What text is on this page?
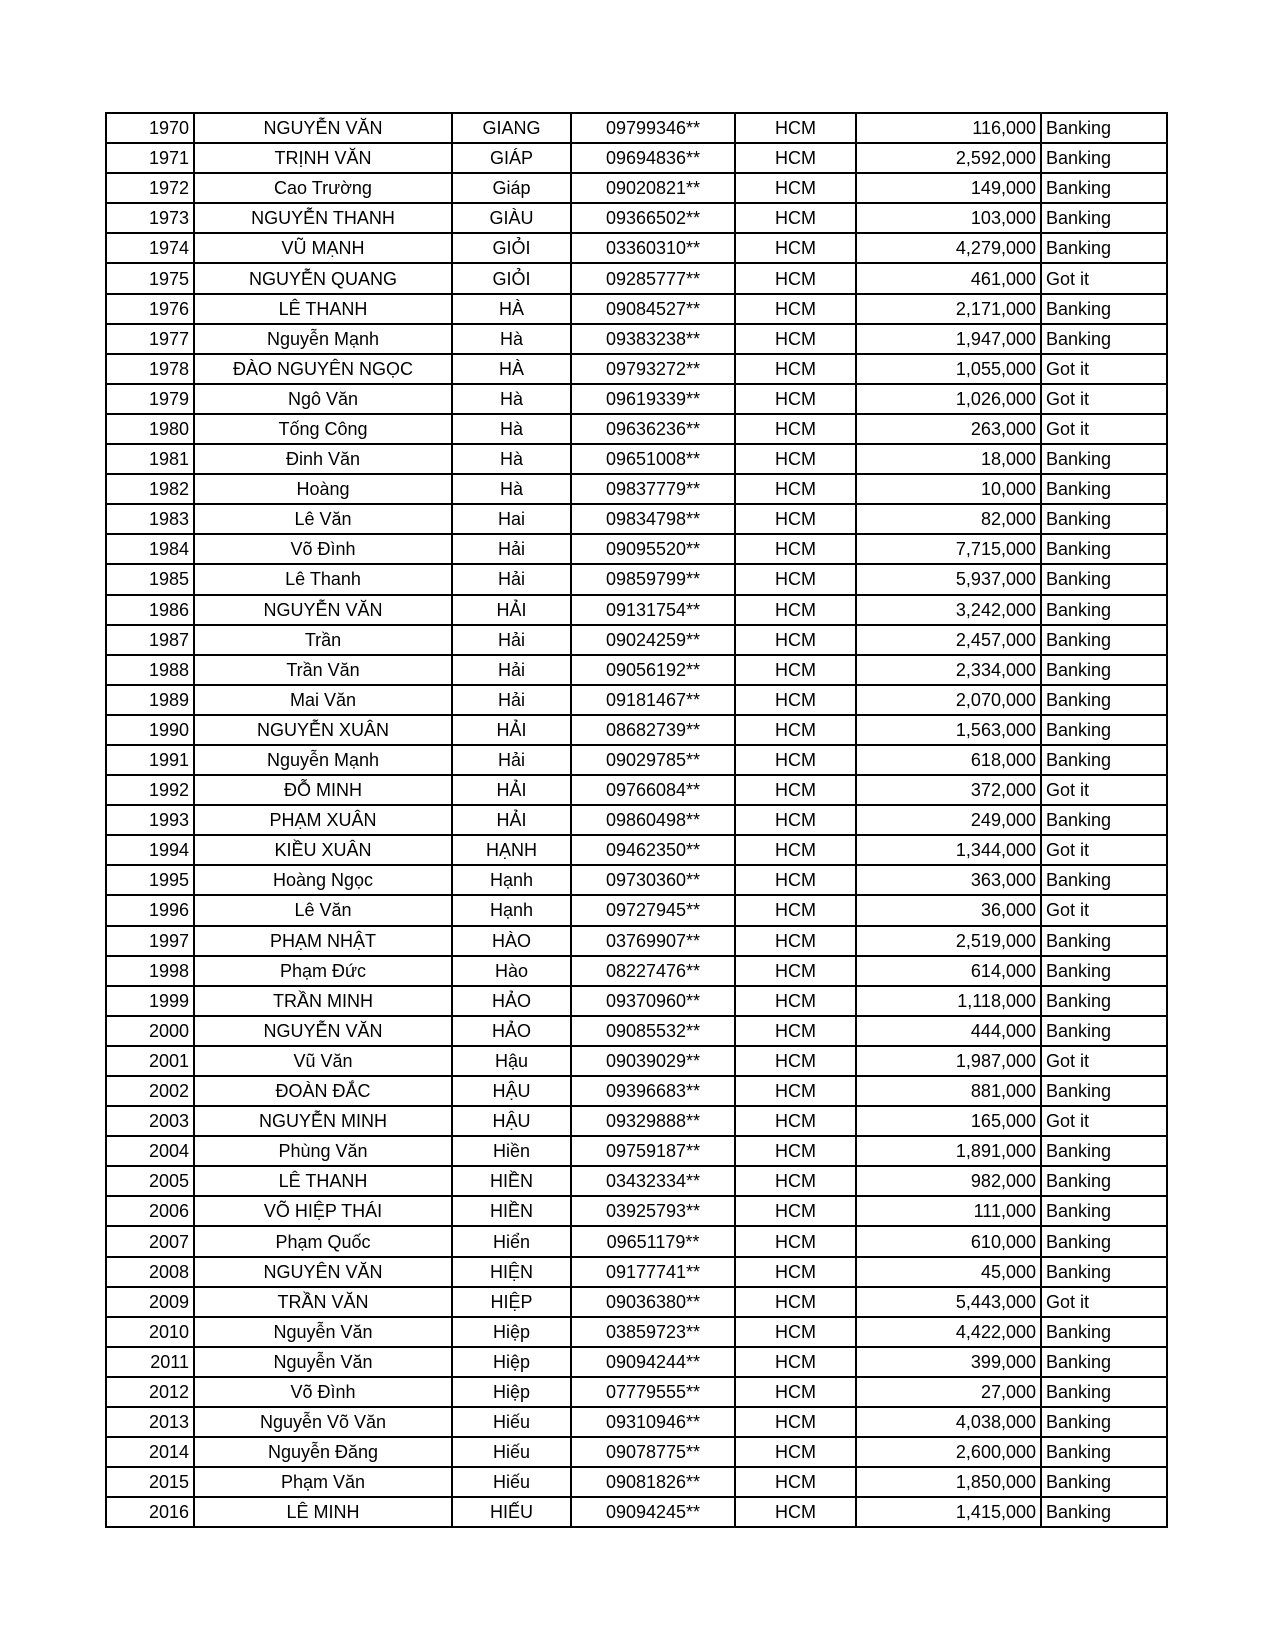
1970	NGUYỄN VĂN	GIANG	09799346**	HCM	116,000	Banking
1971	TRỊNH VĂN	GIÁP	09694836**	HCM	2,592,000	Banking
1972	Cao Trường	Giáp	09020821**	HCM	149,000	Banking
1973	NGUYỄN THANH	GIÀU	09366502**	HCM	103,000	Banking
1974	VŨ MẠNH	GIỎI	03360310**	HCM	4,279,000	Banking
1975	NGUYỄN QUANG	GIỎI	09285777**	HCM	461,000	Got it
1976	LÊ THANH	HÀ	09084527**	HCM	2,171,000	Banking
1977	Nguyễn Mạnh	Hà	09383238**	HCM	1,947,000	Banking
1978	ĐÀO NGUYÊN NGỌC	HÀ	09793272**	HCM	1,055,000	Got it
1979	Ngô Văn	Hà	09619339**	HCM	1,026,000	Got it
1980	Tống Công	Hà	09636236**	HCM	263,000	Got it
1981	Đinh Văn	Hà	09651008**	HCM	18,000	Banking
1982	Hoàng	Hà	09837779**	HCM	10,000	Banking
1983	Lê Văn	Hai	09834798**	HCM	82,000	Banking
1984	Võ Đình	Hải	09095520**	HCM	7,715,000	Banking
1985	Lê Thanh	Hải	09859799**	HCM	5,937,000	Banking
1986	NGUYỄN VĂN	HẢI	09131754**	HCM	3,242,000	Banking
1987	Trần	Hải	09024259**	HCM	2,457,000	Banking
1988	Trần Văn	Hải	09056192**	HCM	2,334,000	Banking
1989	Mai Văn	Hải	09181467**	HCM	2,070,000	Banking
1990	NGUYỄN XUÂN	HẢI	08682739**	HCM	1,563,000	Banking
1991	Nguyễn Mạnh	Hải	09029785**	HCM	618,000	Banking
1992	ĐỖ MINH	HẢI	09766084**	HCM	372,000	Got it
1993	PHẠM XUÂN	HẢI	09860498**	HCM	249,000	Banking
1994	KIỀU XUÂN	HẠNH	09462350**	HCM	1,344,000	Got it
1995	Hoàng Ngọc	Hạnh	09730360**	HCM	363,000	Banking
1996	Lê Văn	Hạnh	09727945**	HCM	36,000	Got it
1997	PHẠM NHẬT	HÀO	03769907**	HCM	2,519,000	Banking
1998	Phạm Đức	Hào	08227476**	HCM	614,000	Banking
1999	TRẦN MINH	HẢO	09370960**	HCM	1,118,000	Banking
2000	NGUYỄN VĂN	HẢO	09085532**	HCM	444,000	Banking
2001	Vũ Văn	Hậu	09039029**	HCM	1,987,000	Got it
2002	ĐOÀN ĐẮC	HẬU	09396683**	HCM	881,000	Banking
2003	NGUYỄN MINH	HẬU	09329888**	HCM	165,000	Got it
2004	Phùng Văn	Hiền	09759187**	HCM	1,891,000	Banking
2005	LÊ THANH	HIỀN	03432334**	HCM	982,000	Banking
2006	VÕ HIỆP THÁI	HIỀN	03925793**	HCM	111,000	Banking
2007	Phạm Quốc	Hiển	09651179**	HCM	610,000	Banking
2008	NGUYÊN VĂN	HIỆN	09177741**	HCM	45,000	Banking
2009	TRẦN VĂN	HIỆP	09036380**	HCM	5,443,000	Got it
2010	Nguyễn Văn	Hiệp	03859723**	HCM	4,422,000	Banking
2011	Nguyễn Văn	Hiệp	09094244**	HCM	399,000	Banking
2012	Võ Đình	Hiệp	07779555**	HCM	27,000	Banking
2013	Nguyễn Võ Văn	Hiếu	09310946**	HCM	4,038,000	Banking
2014	Nguyễn Đăng	Hiếu	09078775**	HCM	2,600,000	Banking
2015	Phạm Văn	Hiếu	09081826**	HCM	1,850,000	Banking
2016	LÊ MINH	HIẾU	09094245**	HCM	1,415,000	Banking
